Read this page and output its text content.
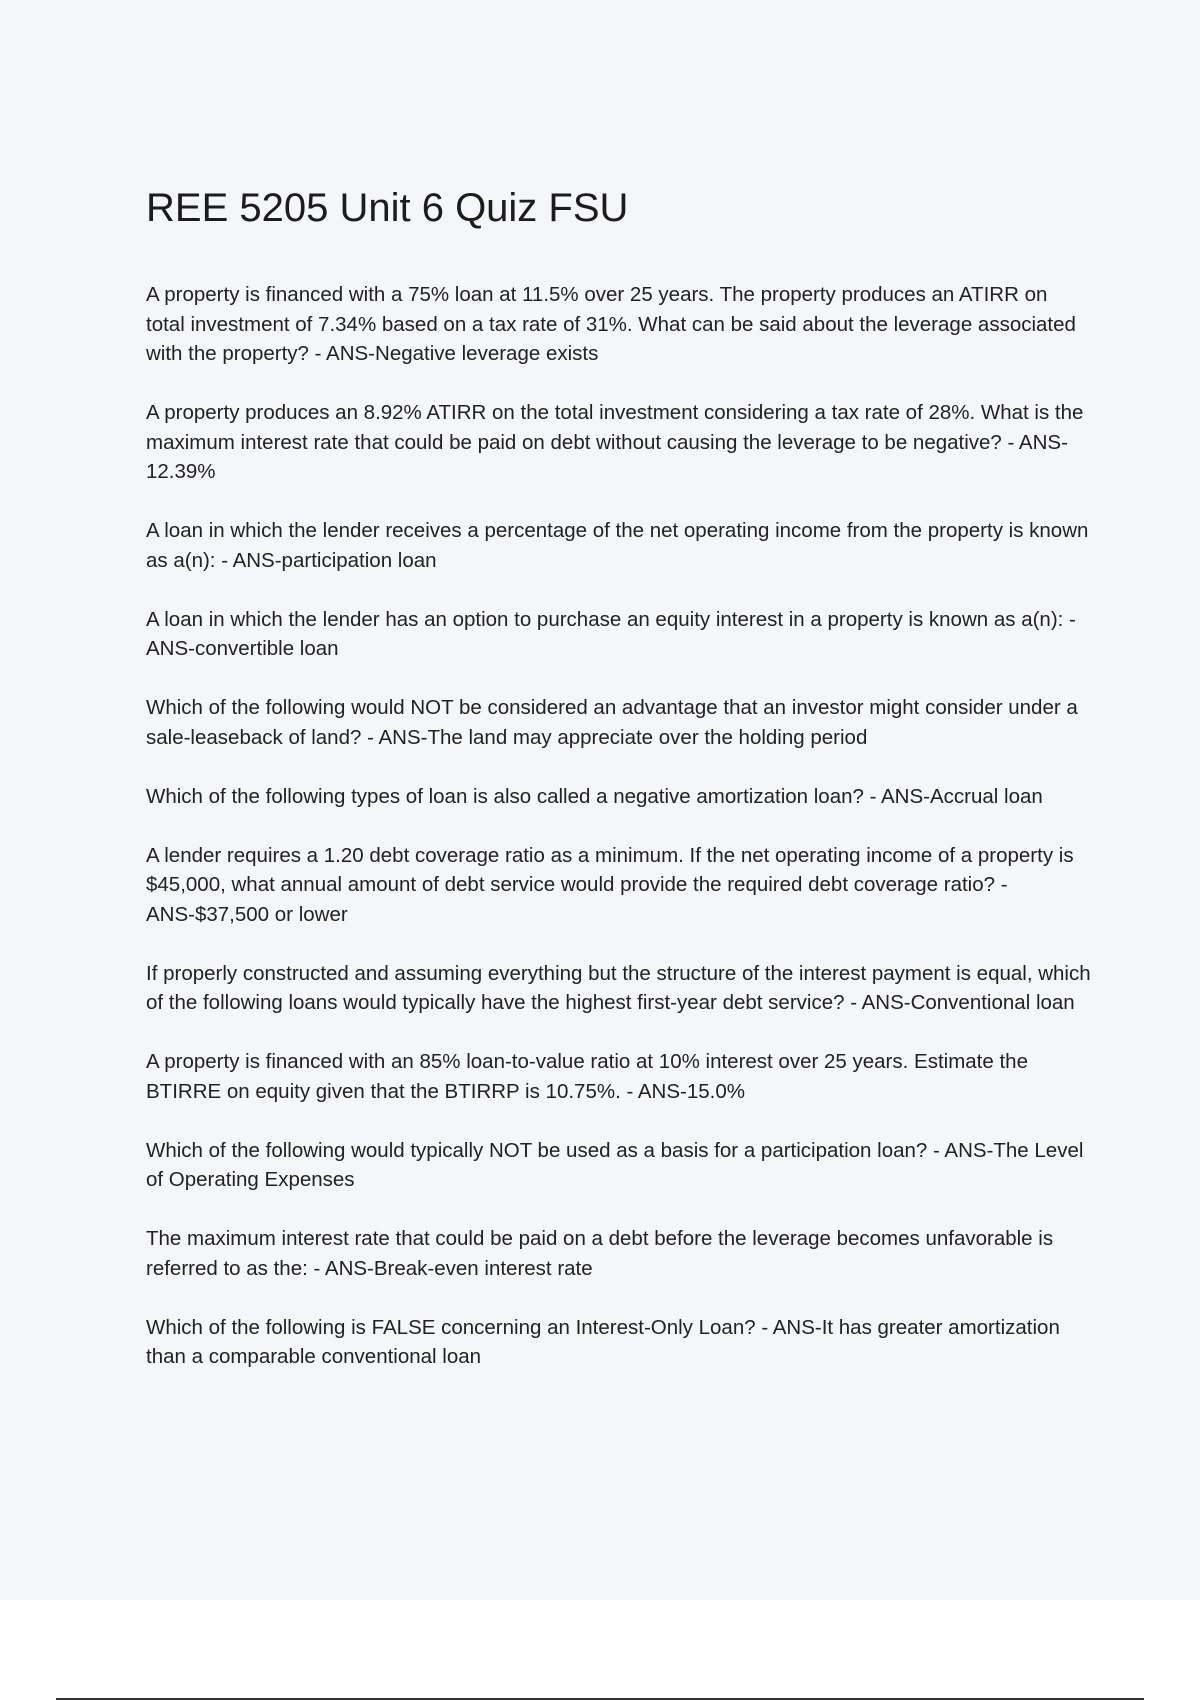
REE 5205 Unit 6 Quiz FSU

A property is financed with a 75% loan at 11.5% over 25 years. The property produces an ATIRR on total investment of 7.34% based on a tax rate of 31%. What can be said about the leverage associated with the property? - ANS-Negative leverage exists

A property produces an 8.92% ATIRR on the total investment considering a tax rate of 28%. What is the maximum interest rate that could be paid on debt without causing the leverage to be negative? - ANS-12.39%

A loan in which the lender receives a percentage of the net operating income from the property is known as a(n): - ANS-participation loan

A loan in which the lender has an option to purchase an equity interest in a property is known as a(n): - ANS-convertible loan

Which of the following would NOT be considered an advantage that an investor might consider under a sale-leaseback of land? - ANS-The land may appreciate over the holding period

Which of the following types of loan is also called a negative amortization loan? - ANS-Accrual loan

A lender requires a 1.20 debt coverage ratio as a minimum. If the net operating income of a property is $45,000, what annual amount of debt service would provide the required debt coverage ratio? - ANS-$37,500 or lower

If properly constructed and assuming everything but the structure of the interest payment is equal, which of the following loans would typically have the highest first-year debt service? - ANS-Conventional loan

A property is financed with an 85% loan-to-value ratio at 10% interest over 25 years. Estimate the BTIRRE on equity given that the BTIRRP is 10.75%. - ANS-15.0%

Which of the following would typically NOT be used as a basis for a participation loan? - ANS-The Level of Operating Expenses

The maximum interest rate that could be paid on a debt before the leverage becomes unfavorable is referred to as the: - ANS-Break-even interest rate

Which of the following is FALSE concerning an Interest-Only Loan? - ANS-It has greater amortization than a comparable conventional loan
